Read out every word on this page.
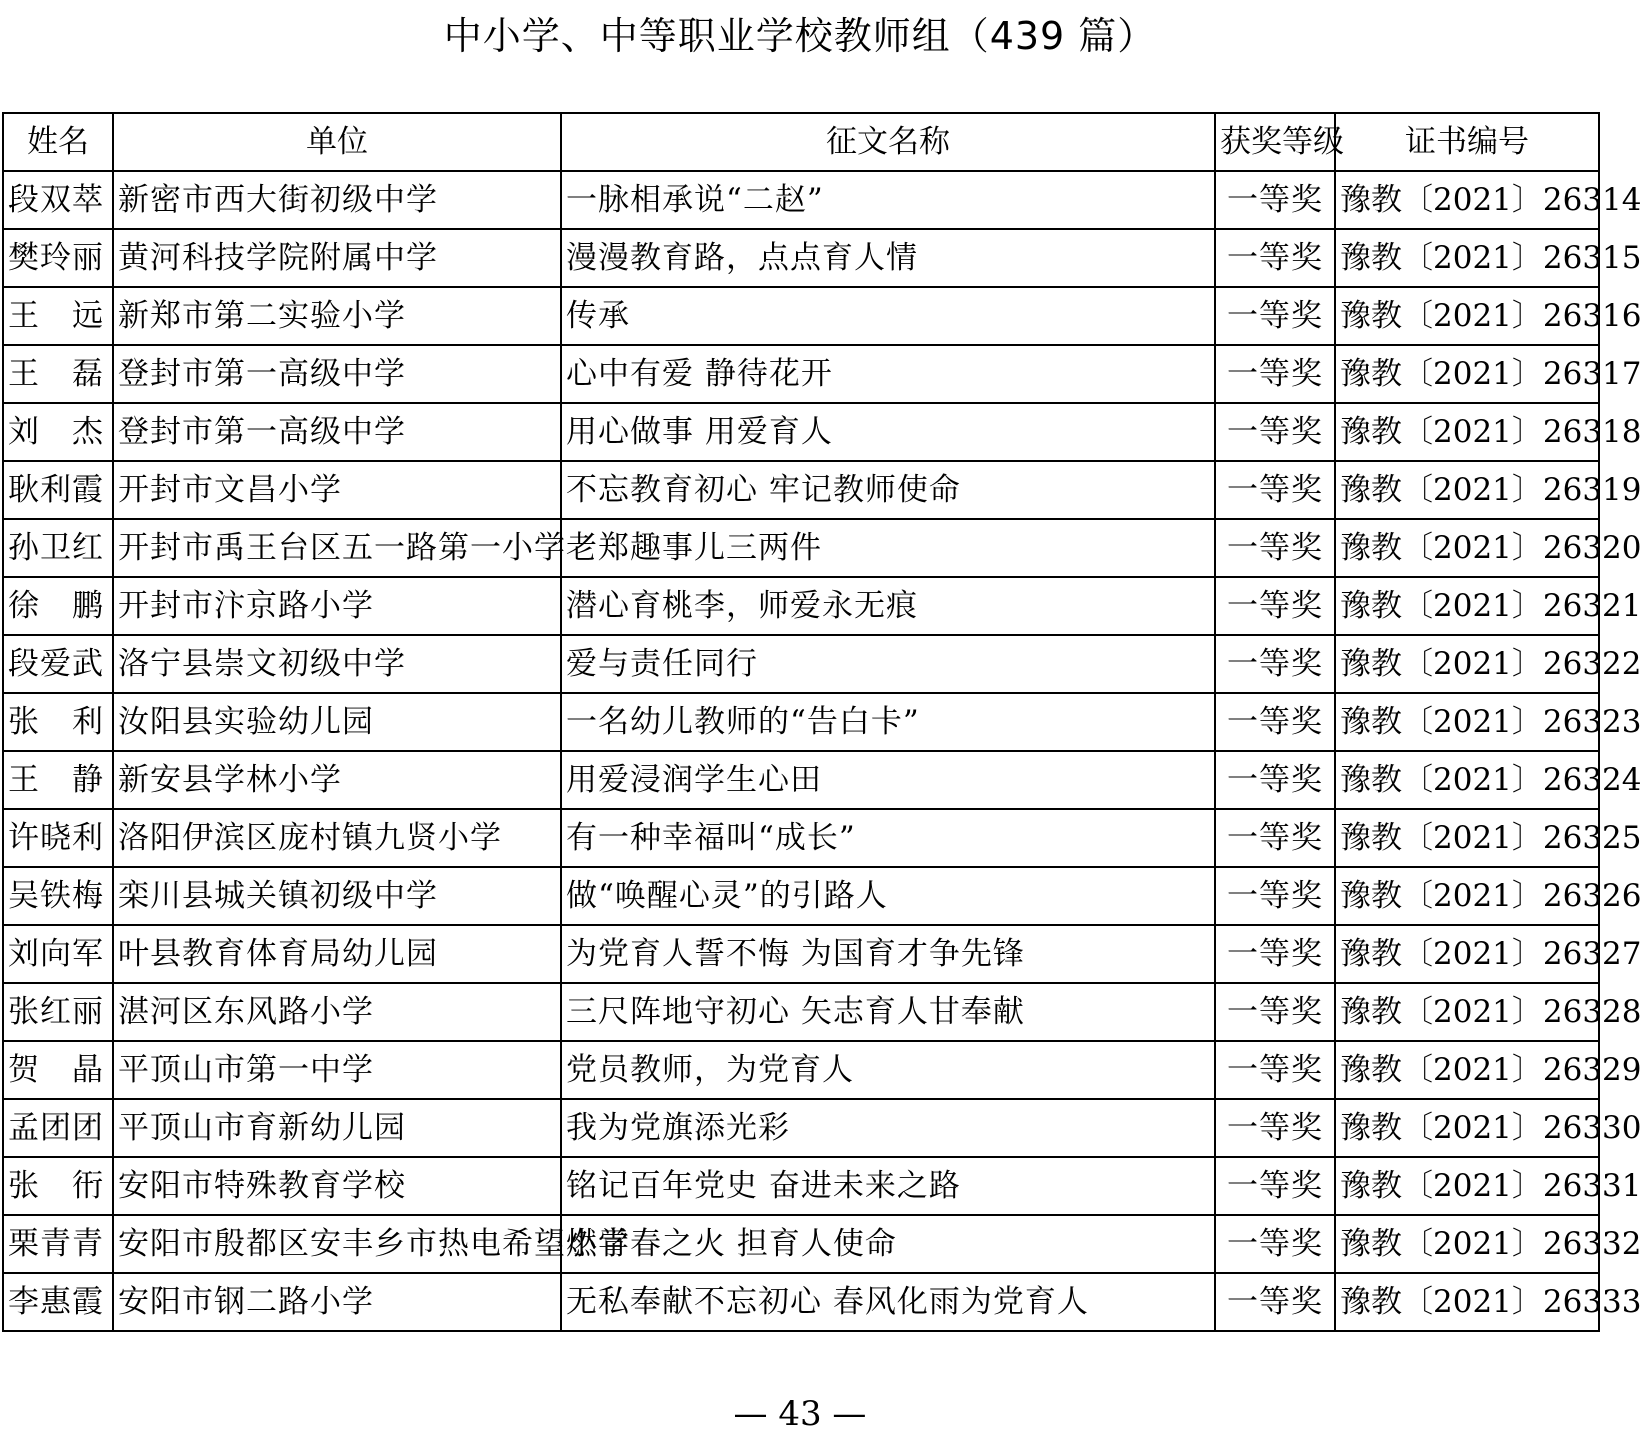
中小学、中等职业学校教师组（439 篇）
姓名	单位	征文名称	获奖等级	证书编号
段双萃	新密市西大街初级中学	一脉相承说“二赵”	一等奖	豫教〔2021〕26314
樊玲丽	黄河科技学院附属中学	漫漫教育路，点点育人情	一等奖	豫教〔2021〕26315
王　远	新郑市第二实验小学	传承	一等奖	豫教〔2021〕26316
王　磊	登封市第一高级中学	心中有爱 静待花开	一等奖	豫教〔2021〕26317
刘　杰	登封市第一高级中学	用心做事 用爱育人	一等奖	豫教〔2021〕26318
耿利霞	开封市文昌小学	不忘教育初心 牢记教师使命	一等奖	豫教〔2021〕26319
孙卫红	开封市禹王台区五一路第一小学	老郑趣事儿三两件	一等奖	豫教〔2021〕26320
徐　鹏	开封市汴京路小学	潜心育桃李，师爱永无痕	一等奖	豫教〔2021〕26321
段爱武	洛宁县崇文初级中学	爱与责任同行	一等奖	豫教〔2021〕26322
张　利	汝阳县实验幼儿园	一名幼儿教师的“告白卡”	一等奖	豫教〔2021〕26323
王　静	新安县学林小学	用爱浸润学生心田	一等奖	豫教〔2021〕26324
许晓利	洛阳伊滨区庞村镇九贤小学	有一种幸福叫“成长”	一等奖	豫教〔2021〕26325
吴铁梅	栾川县城关镇初级中学	做“唤醒心灵”的引路人	一等奖	豫教〔2021〕26326
刘向军	叶县教育体育局幼儿园	为党育人誓不悔 为国育才争先锋	一等奖	豫教〔2021〕26327
张红丽	湛河区东风路小学	三尺阵地守初心 矢志育人甘奉献	一等奖	豫教〔2021〕26328
贺　晶	平顶山市第一中学	党员教师，为党育人	一等奖	豫教〔2021〕26329
孟团团	平顶山市育新幼儿园	我为党旗添光彩	一等奖	豫教〔2021〕26330
张　衎	安阳市特殊教育学校	铭记百年党史 奋进未来之路	一等奖	豫教〔2021〕26331
栗青青	安阳市殷都区安丰乡市热电希望小学	燃青春之火 担育人使命	一等奖	豫教〔2021〕26332
李惠霞	安阳市钢二路小学	无私奉献不忘初心 春风化雨为党育人	一等奖	豫教〔2021〕26333
— 43 —
